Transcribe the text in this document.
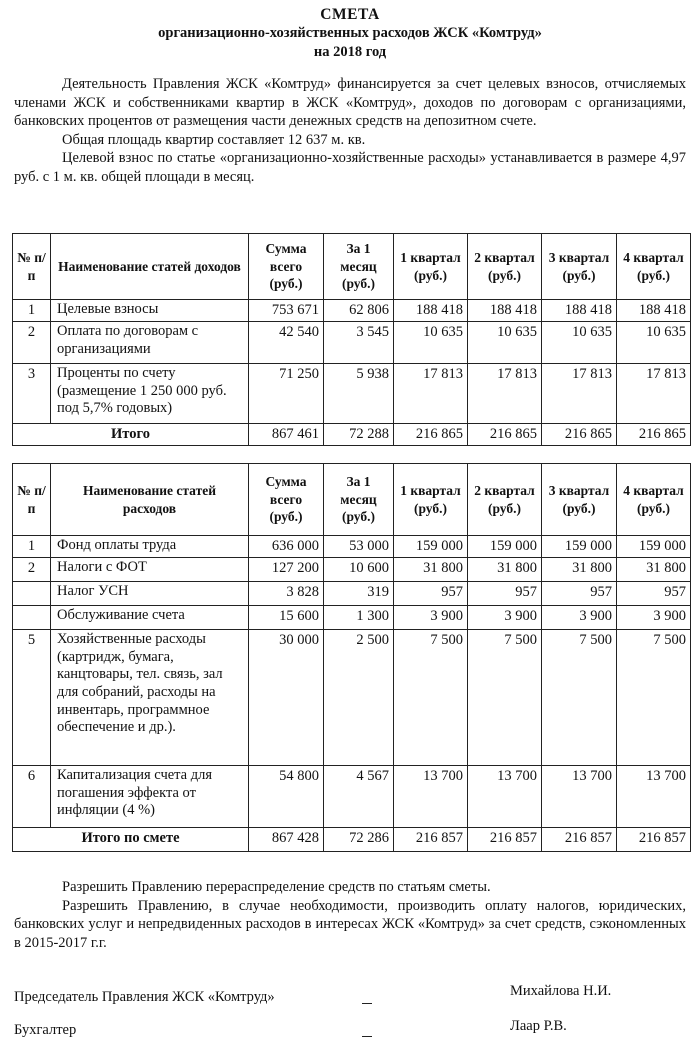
СМЕТА
организационно-хозяйственных расходов ЖСК «Комтруд»
на 2018 год

Деятельность Правления ЖСК «Комтруд» финансируется за счет целевых взносов, отчисляемых членами ЖСК и собственниками квартир в ЖСК «Комтруд», доходов по договорам с организациями, банковских процентов от размещения части денежных средств на депозитном счете.

Общая площадь квартир составляет 12 637 м. кв.

Целевой взнос по статье «организационно-хозяйственные расходы» устанавливается в размере 4,97 руб. с 1 м. кв. общей площади в месяц.

№ п/п	Наименование статей доходов	Сумма всего (руб.)	За 1 месяц (руб.)	1 квартал (руб.)	2 квартал (руб.)	3 квартал (руб.)	4 квартал (руб.)
1	Целевые взносы	753 671	62 806	188 418	188 418	188 418	188 418
2	Оплата по договорам с организациями	42 540	3 545	10 635	10 635	10 635	10 635
3	Проценты по счету (размещение 1 250 000 руб. под 5,7% годовых)	71 250	5 938	17 813	17 813	17 813	17 813
Итого		867 461	72 288	216 865	216 865	216 865	216 865
№ п/п	Наименование статей расходов	Сумма всего (руб.)	За 1 месяц (руб.)	1 квартал (руб.)	2 квартал (руб.)	3 квартал (руб.)	4 квартал (руб.)
1	Фонд оплаты труда	636 000	53 000	159 000	159 000	159 000	159 000
2	Налоги с ФОТ	127 200	10 600	31 800	31 800	31 800	31 800
	Налог УСН	3 828	319	957	957	957	957
	Обслуживание счета	15 600	1 300	3 900	3 900	3 900	3 900
5	Хозяйственные расходы (картридж, бумага, канцтовары, тел. связь, зал для собраний, расходы на инвентарь, программное обеспечение и др.).	30 000	2 500	7 500	7 500	7 500	7 500
6	Капитализация счета для погашения эффекта от инфляции (4 %)	54 800	4 567	13 700	13 700	13 700	13 700
Итого по смете		867 428	72 286	216 857	216 857	216 857	216 857

Разрешить Правлению перераспределение средств по статьям сметы.

Разрешить Правлению, в случае необходимости, производить оплату налогов, юридических, банковских услуг и непредвиденных расходов в интересах ЖСК «Комтруд» за счет средств, сэкономленных в 2015-2017 г.г.

Председатель Правления ЖСК «Комтруд»	Михайлова Н.И.
Бухгалтер	Лаар Р.В.
